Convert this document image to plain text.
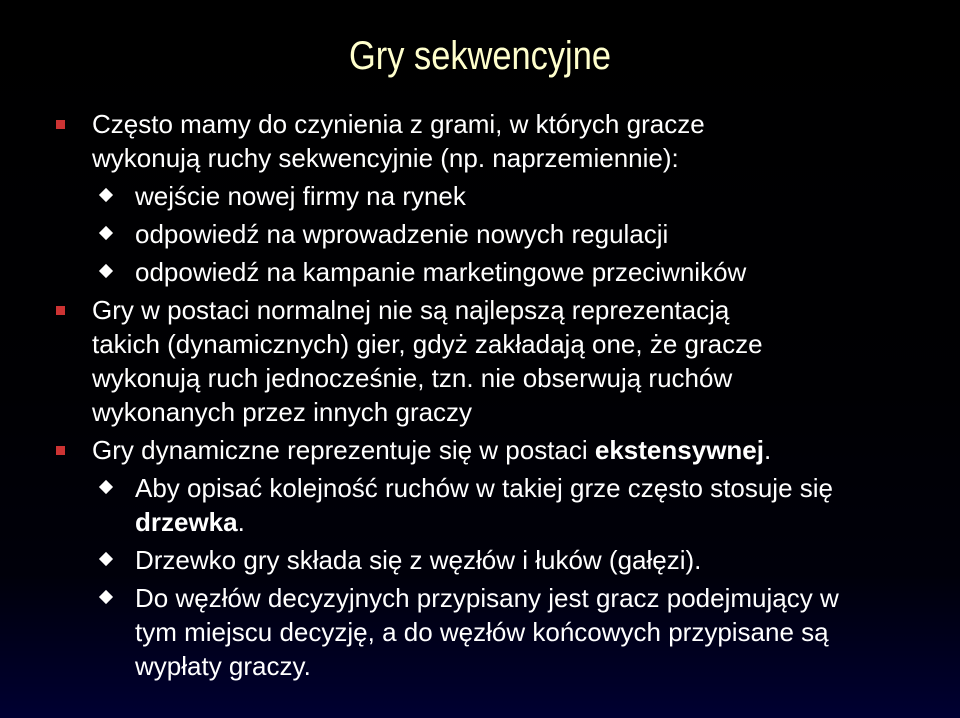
Gry sekwencyjne
Często mamy do czynienia z grami, w których gracze
wykonują ruchy sekwencyjnie (np. naprzemiennie):
wejście nowej firmy na rynek
odpowiedź na wprowadzenie nowych regulacji
odpowiedź na kampanie marketingowe przeciwników
Gry w postaci normalnej nie są najlepszą reprezentacją
takich (dynamicznych) gier, gdyż zakładają one, że gracze
wykonują ruch jednocześnie, tzn. nie obserwują ruchów
wykonanych przez innych graczy
Gry dynamiczne reprezentuje się w postaci ekstensywnej.
Aby opisać kolejność ruchów w takiej grze często stosuje się
drzewka.
Drzewko gry składa się z węzłów i łuków (gałęzi).
Do węzłów decyzyjnych przypisany jest gracz podejmujący w
tym miejscu decyzję, a do węzłów końcowych przypisane są
wypłaty graczy.
